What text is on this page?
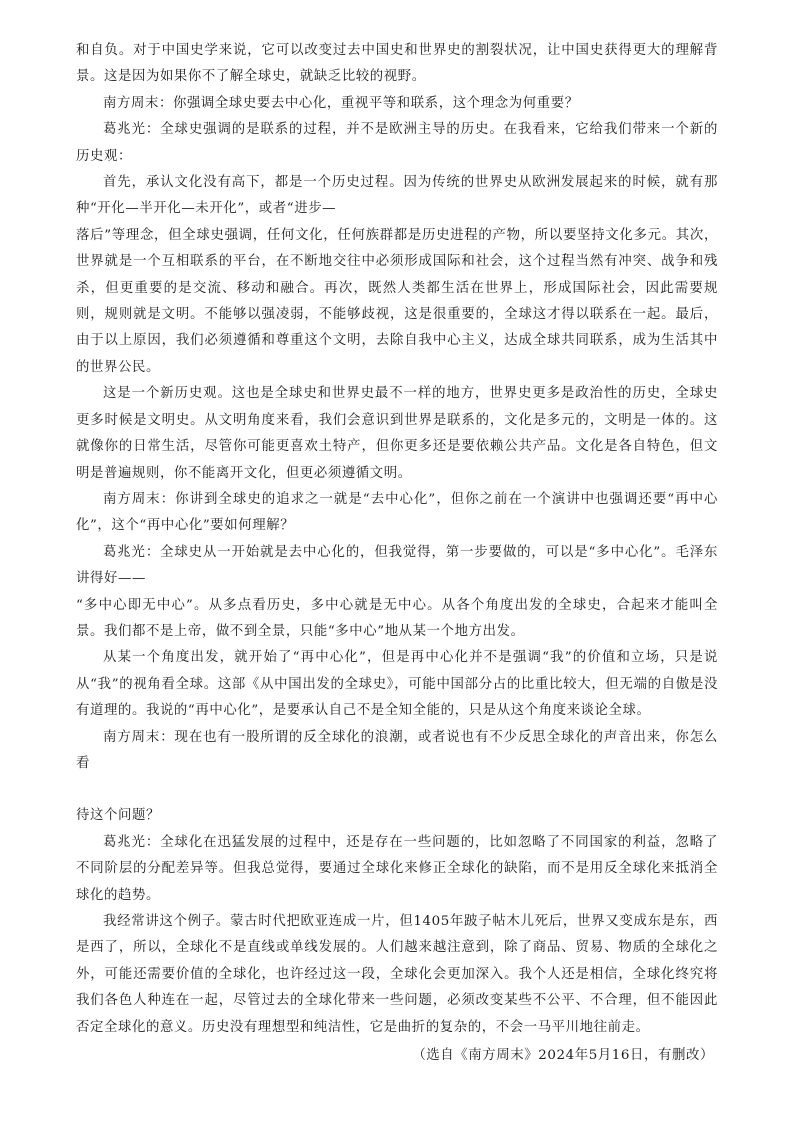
和自负。对于中国史学来说，它可以改变过去中国史和世界史的割裂状况，让中国史获得更大的理解背景。这是因为如果你不了解全球史，就缺乏比较的视野。

南方周末：你强调全球史要去中心化，重视平等和联系，这个理念为何重要？

葛兆光：全球史强调的是联系的过程，并不是欧洲主导的历史。在我看来，它给我们带来一个新的历史观：

首先，承认文化没有高下，都是一个历史过程。因为传统的世界史从欧洲发展起来的时候，就有那种“开化—半开化—未开化”，或者“进步—

落后”等理念，但全球史强调，任何文化，任何族群都是历史进程的产物，所以要坚持文化多元。其次，世界就是一个互相联系的平台，在不断地交往中必须形成国际和社会，这个过程当然有冲突、战争和残杀，但更重要的是交流、移动和融合。再次，既然人类都生活在世界上，形成国际社会，因此需要规则，规则就是文明。不能够以强凌弱，不能够歧视，这是很重要的，全球这才得以联系在一起。最后，由于以上原因，我们必须遵循和尊重这个文明，去除自我中心主义，达成全球共同联系，成为生活其中的世界公民。

这是一个新历史观。这也是全球史和世界史最不一样的地方，世界史更多是政治性的历史，全球史更多时候是文明史。从文明角度来看，我们会意识到世界是联系的，文化是多元的，文明是一体的。这就像你的日常生活，尽管你可能更喜欢土特产，但你更多还是要依赖公共产品。文化是各自特色，但文明是普遍规则，你不能离开文化，但更必须遵循文明。

南方周末：你讲到全球史的追求之一就是“去中心化”，但你之前在一个演讲中也强调还要“再中心化”，这个“再中心化”要如何理解？

葛兆光：全球史从一开始就是去中心化的，但我觉得，第一步要做的，可以是“多中心化”。毛泽东讲得好——

“多中心即无中心”。从多点看历史，多中心就是无中心。从各个角度出发的全球史，合起来才能叫全景。我们都不是上帝，做不到全景，只能“多中心”地从某一个地方出发。

从某一个角度出发，就开始了“再中心化”，但是再中心化并不是强调“我”的价值和立场，只是说从“我”的视角看全球。这部《从中国出发的全球史》，可能中国部分占的比重比较大，但无端的自傲是没有道理的。我说的“再中心化”，是要承认自己不是全知全能的，只是从这个角度来谈论全球。

南方周末：现在也有一股所谓的反全球化的浪潮，或者说也有不少反思全球化的声音出来，你怎么看

待这个问题？

葛兆光：全球化在迅猛发展的过程中，还是存在一些问题的，比如忽略了不同国家的利益，忽略了不同阶层的分配差异等。但我总觉得，要通过全球化来修正全球化的缺陷，而不是用反全球化来抵消全球化的趋势。

我经常讲这个例子。蒙古时代把欧亚连成一片，但1405年跛子帖木儿死后，世界又变成东是东，西是西了，所以，全球化不是直线或单线发展的。人们越来越注意到，除了商品、贸易、物质的全球化之外，可能还需要价值的全球化，也许经过这一段，全球化会更加深入。我个人还是相信，全球化终究将我们各色人种连在一起，尽管过去的全球化带来一些问题，必须改变某些不公平、不合理，但不能因此否定全球化的意义。历史没有理想型和纯洁性，它是曲折的复杂的，不会一马平川地往前走。

（选自《南方周末》2024年5月16日，有删改）
